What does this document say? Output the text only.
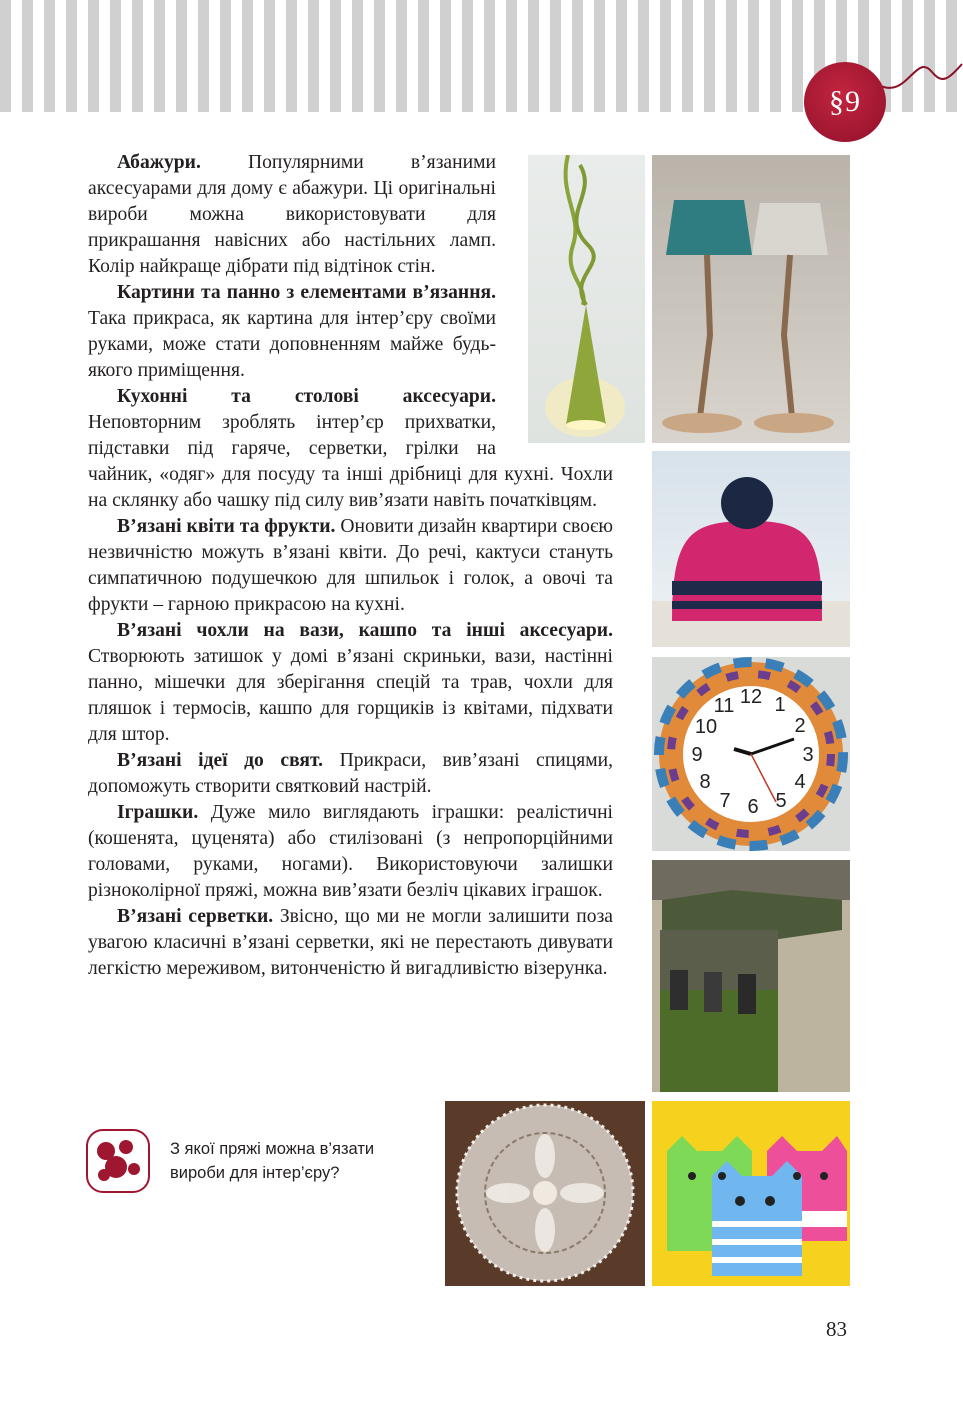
§9

Абажури. Популярними в’язаними аксесуарами для дому є абажури. Ці оригінальні вироби можна використовувати для прикрашання навісних або настільних ламп. Колір найкраще дібрати під відтінок стін.

Картини та панно з елементами в’язання. Така прикраса, як картина для інтер’єру своїми руками, може стати доповненням майже будь-якого приміщення.

Кухонні та столові аксесуари. Неповторним зроблять інтер’єр прихватки, підставки під гаряче, серветки, грілки на чайник, «одяг» для посуду та інші дрібниці для кухні. Чохли на склянку або чашку під силу вив’язати навіть початківцям.

В’язані квіти та фрукти. Оновити дизайн квартири своєю незвичністю можуть в’язані квіти. До речі, кактуси стануть симпатичною подушечкою для шпильок і голок, а овочі та фрукти – гарною прикрасою на кухні.

В’язані чохли на вази, кашпо та інші аксесуари. Створюють затишок у домі в’язані скриньки, вази, настінні панно, мішечки для зберігання спецій та трав, чохли для пляшок і термосів, кашпо для горщиків із квітами, підхвати для штор.

В’язані ідеї до свят. Прикраси, вив’язані спицями, допоможуть створити святковий настрій.

Іграшки. Дуже мило виглядають іграшки: реалістичні (кошенята, цуценята) або стилізовані (з непропорційними головами, руками, ногами). Використовуючи залишки різноколірної пряжі, можна вив’язати безліч цікавих іграшок.

В’язані серветки. Звісно, що ми не могли залишити поза увагою класичні в’язані серветки, які не перестають дивувати легкістю мереживом, витонченістю й вигадливістю візерунка.

12 1
2
3
4
5
6
7
8
9
10
11
З якої пряжі можна в’язати вироби для інтер’єру?
83
